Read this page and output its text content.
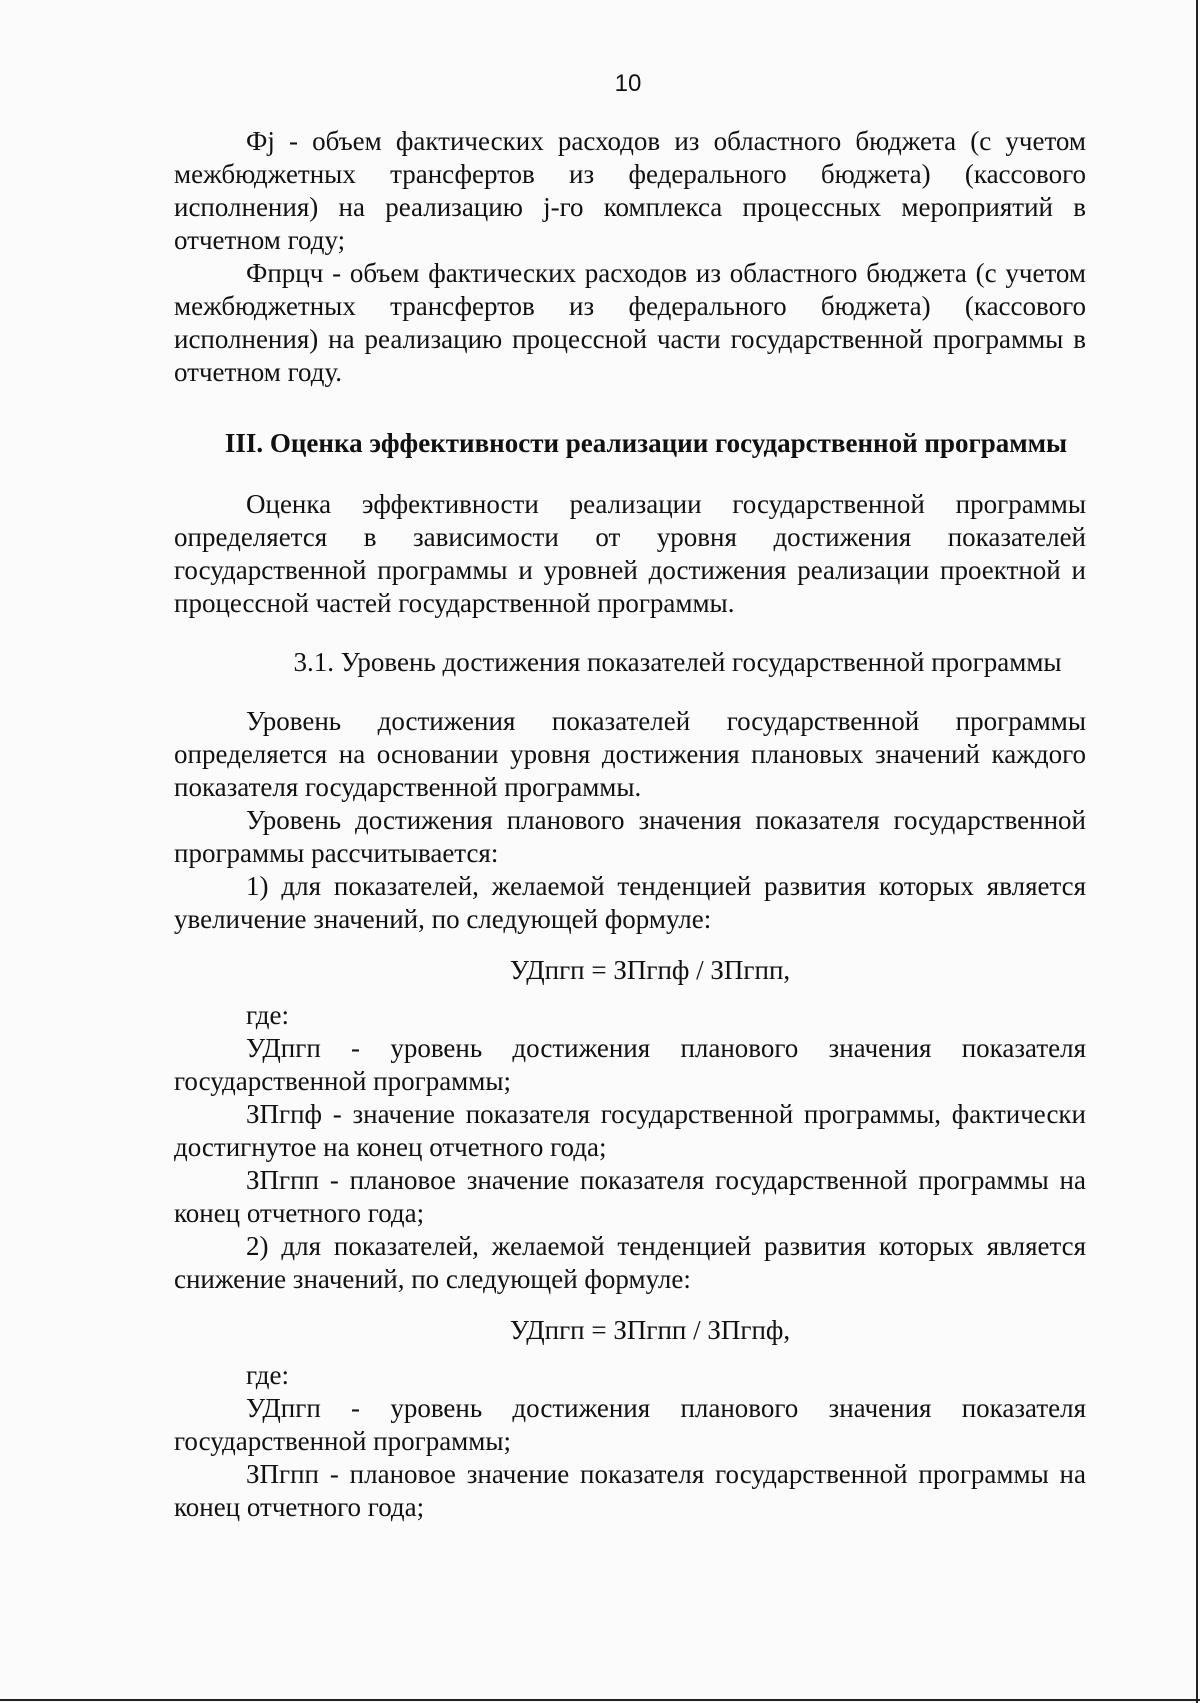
10

Фj - объем фактических расходов из областного бюджета (с учетом межбюджетных трансфертов из федерального бюджета) (кассового исполнения) на реализацию j-го комплекса процессных мероприятий в отчетном году;

Фпрцч - объем фактических расходов из областного бюджета (с учетом межбюджетных трансфертов из федерального бюджета) (кассового исполнения) на реализацию процессной части государственной программы в отчетном году.

III. Оценка эффективности реализации государственной программы

Оценка эффективности реализации государственной программы определяется в зависимости от уровня достижения показателей государственной программы и уровней достижения реализации проектной и процессной частей государственной программы.

3.1. Уровень достижения показателей государственной программы

Уровень достижения показателей государственной программы определяется на основании уровня достижения плановых значений каждого показателя государственной программы.

Уровень достижения планового значения показателя государственной программы рассчитывается:

1) для показателей, желаемой тенденцией развития которых является увеличение значений, по следующей формуле:

УДпгп = ЗПгпф / ЗПгпп,

где:

УДпгп - уровень достижения планового значения показателя государственной программы;

ЗПгпф - значение показателя государственной программы, фактически достигнутое на конец отчетного года;

ЗПгпп - плановое значение показателя государственной программы на конец отчетного года;

2) для показателей, желаемой тенденцией развития которых является снижение значений, по следующей формуле:

УДпгп = ЗПгпп / ЗПгпф,

где:

УДпгп - уровень достижения планового значения показателя государственной программы;

ЗПгпп - плановое значение показателя государственной программы на конец отчетного года;
